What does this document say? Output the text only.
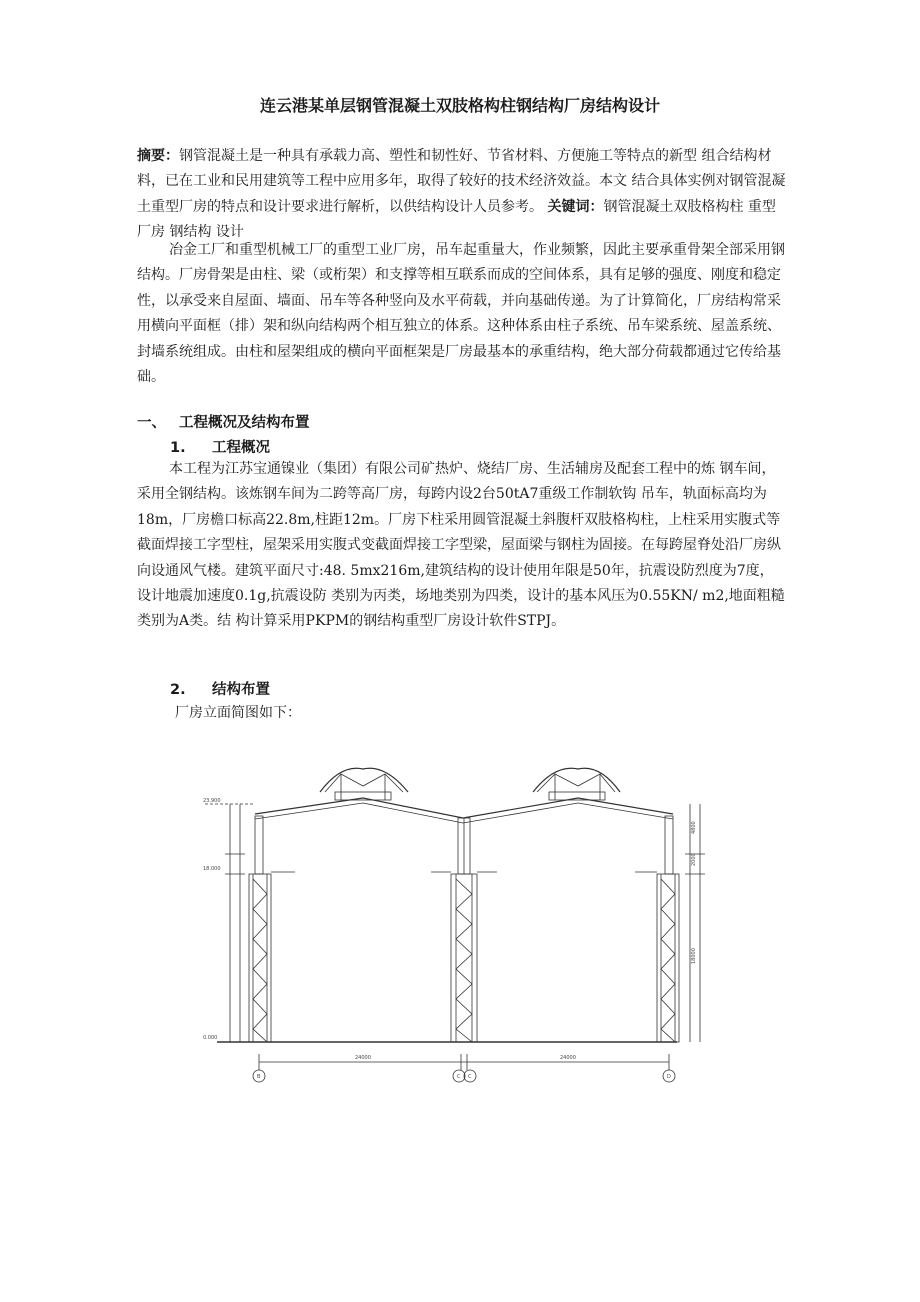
连云港某单层钢管混凝土双肢格构柱钢结构厂房结构设计

摘要：钢管混凝土是一种具有承载力高、塑性和韧性好、节省材料、方便施工等特点的新型 组合结构材料，已在工业和民用建筑等工程中应用多年，取得了较好的技术经济效益。本文 结合具体实例对钢管混凝土重型厂房的特点和设计要求进行解析，以供结构设计人员参考。 关键词：钢管混凝土双肢格构柱 重型厂房 钢结构 设计

冶金工厂和重型机械工厂的重型工业厂房，吊车起重量大，作业频繁，因此主要承重骨架全部采用钢结构。厂房骨架是由柱、梁（或桁架）和支撑等相互联系而成的空间体系，具有足够的强度、刚度和稳定性，以承受来自屋面、墙面、吊车等各种竖向及水平荷载，并向基础传递。为了计算简化，厂房结构常采用横向平面框（排）架和纵向结构两个相互独立的体系。这种体系由柱子系统、吊车梁系统、屋盖系统、封墙系统组成。由柱和屋架组成的横向平面框架是厂房最基本的承重结构，绝大部分荷载都通过它传给基础。

一、 工程概况及结构布置
1. 工程概况

本工程为江苏宝通镍业（集团）有限公司矿热炉、烧结厂房、生活辅房及配套工程中的炼 钢车间，采用全钢结构。该炼钢车间为二跨等高厂房，每跨内设2台50tA7重级工作制软钩 吊车，轨面标高均为18m，厂房檐口标高22.8m,柱距12m。厂房下柱采用圆管混凝土斜腹杆双肢格构柱，上柱采用实腹式等截面焊接工字型柱，屋架采用实腹式变截面焊接工字型梁，屋面梁与钢柱为固接。在每跨屋脊处沿厂房纵向设通风气楼。建筑平面尺寸:48. 5mx216m,建筑结构的设计使用年限是50年，抗震设防烈度为7度，设计地震加速度0.1g,抗震设防 类别为丙类，场地类别为四类，设计的基本风压为0.55KN/ m2,地面粗糙类别为A类。结 构计算采用PKPM的钢结构重型厂房设计软件STPJ。

2. 结构布置
厂房立面简图如下：
23.900
18.000
0.000
24000	24000
4800
2000
18000
B	C C	D
